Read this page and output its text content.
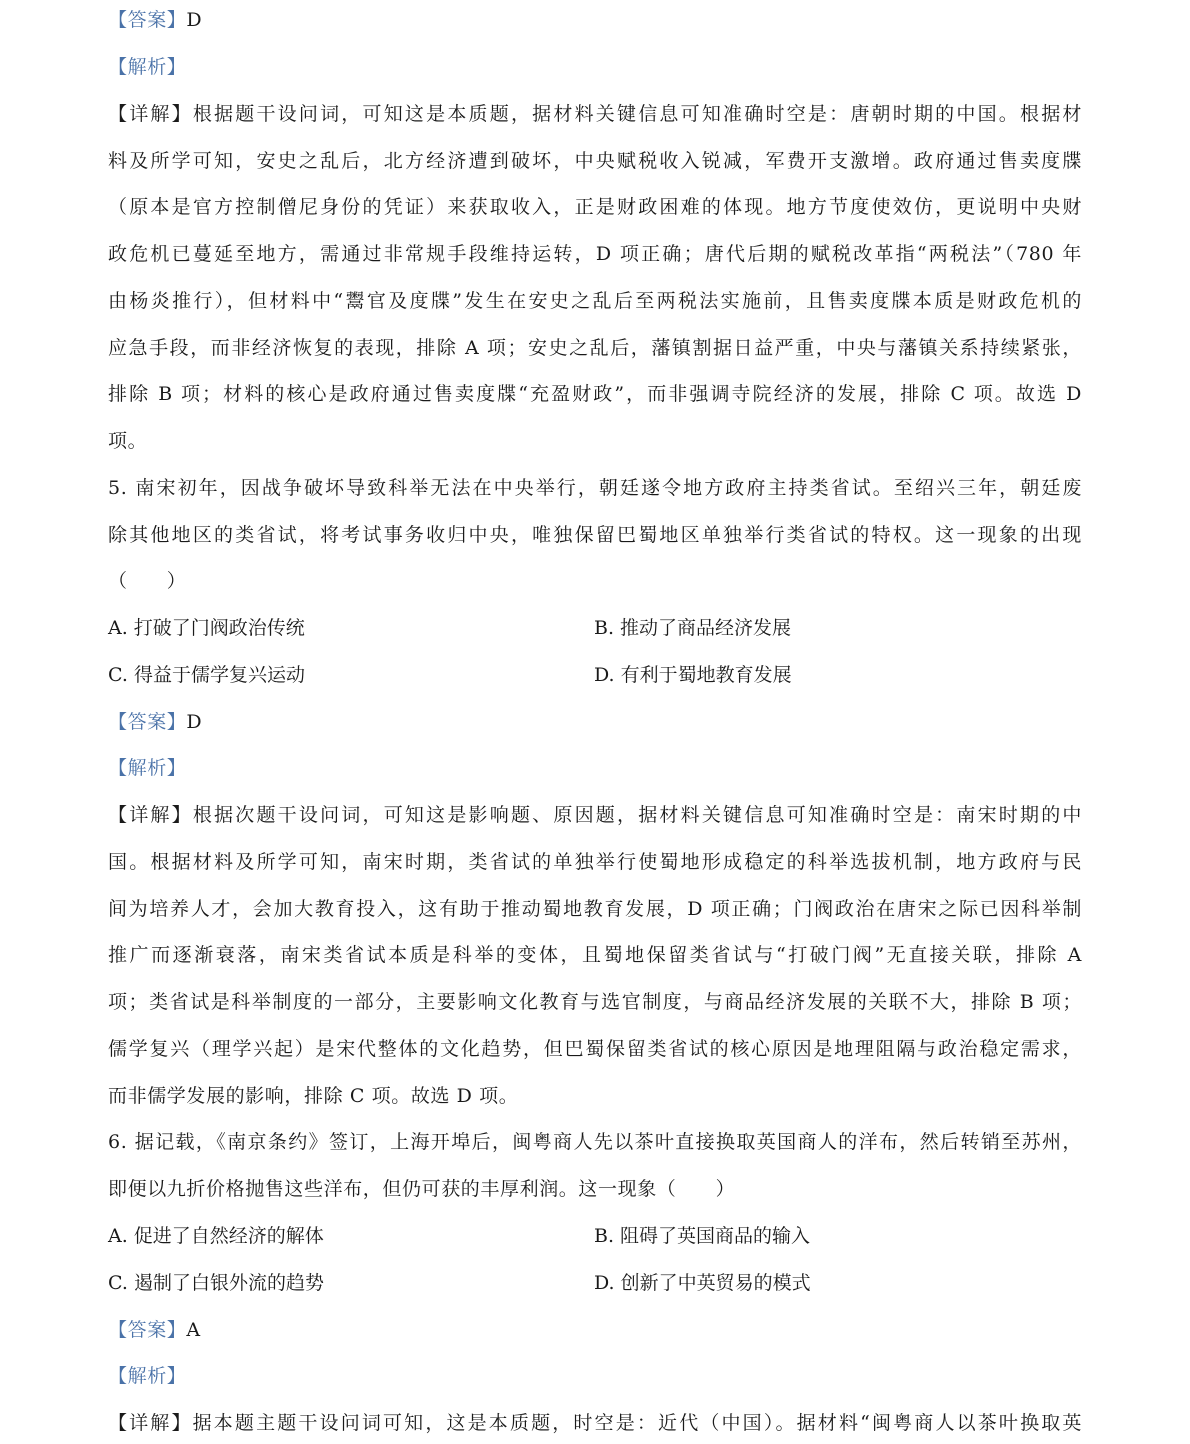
【答案】D
【解析】
【详解】根据题干设问词，可知这是本质题，据材料关键信息可知准确时空是：唐朝时期的中国。根据材
料及所学可知，安史之乱后，北方经济遭到破坏，中央赋税收入锐减，军费开支激增。政府通过售卖度牒
（原本是官方控制僧尼身份的凭证）来获取收入，正是财政困难的体现。地方节度使效仿，更说明中央财
政危机已蔓延至地方，需通过非常规手段维持运转，D 项正确；唐代后期的赋税改革指“两税法”（780 年
由杨炎推行），但材料中“鬻官及度牒”发生在安史之乱后至两税法实施前，且售卖度牒本质是财政危机的
应急手段，而非经济恢复的表现，排除 A 项；安史之乱后，藩镇割据日益严重，中央与藩镇关系持续紧张，
排除 B 项；材料的核心是政府通过售卖度牒“充盈财政”，而非强调寺院经济的发展，排除 C 项。故选 D
项。
5. 南宋初年，因战争破坏导致科举无法在中央举行，朝廷遂令地方政府主持类省试。至绍兴三年，朝廷废
除其他地区的类省试，将考试事务收归中央，唯独保留巴蜀地区单独举行类省试的特权。这一现象的出现
（　　）
A. 打破了门阀政治传统	B. 推动了商品经济发展
C. 得益于儒学复兴运动	D. 有利于蜀地教育发展
【答案】D
【解析】
【详解】根据次题干设问词，可知这是影响题、原因题，据材料关键信息可知准确时空是：南宋时期的中
国。根据材料及所学可知，南宋时期，类省试的单独举行使蜀地形成稳定的科举选拔机制，地方政府与民
间为培养人才，会加大教育投入，这有助于推动蜀地教育发展，D 项正确；门阀政治在唐宋之际已因科举制
推广而逐渐衰落，南宋类省试本质是科举的变体，且蜀地保留类省试与“打破门阀”无直接关联，排除 A
项；类省试是科举制度的一部分，主要影响文化教育与选官制度，与商品经济发展的关联不大，排除 B 项；
儒学复兴（理学兴起）是宋代整体的文化趋势，但巴蜀保留类省试的核心原因是地理阻隔与政治稳定需求，
而非儒学发展的影响，排除 C 项。故选 D 项。
6. 据记载，《南京条约》签订，上海开埠后，闽粤商人先以茶叶直接换取英国商人的洋布，然后转销至苏州，
即便以九折价格抛售这些洋布，但仍可获的丰厚利润。这一现象（　　）
A. 促进了自然经济的解体	B. 阻碍了英国商品的输入
C. 遏制了白银外流的趋势	D. 创新了中英贸易的模式
【答案】A
【解析】
【详解】据本题主题干设问词可知，这是本质题，时空是：近代（中国）。据材料“闽粤商人以茶叶换取英
